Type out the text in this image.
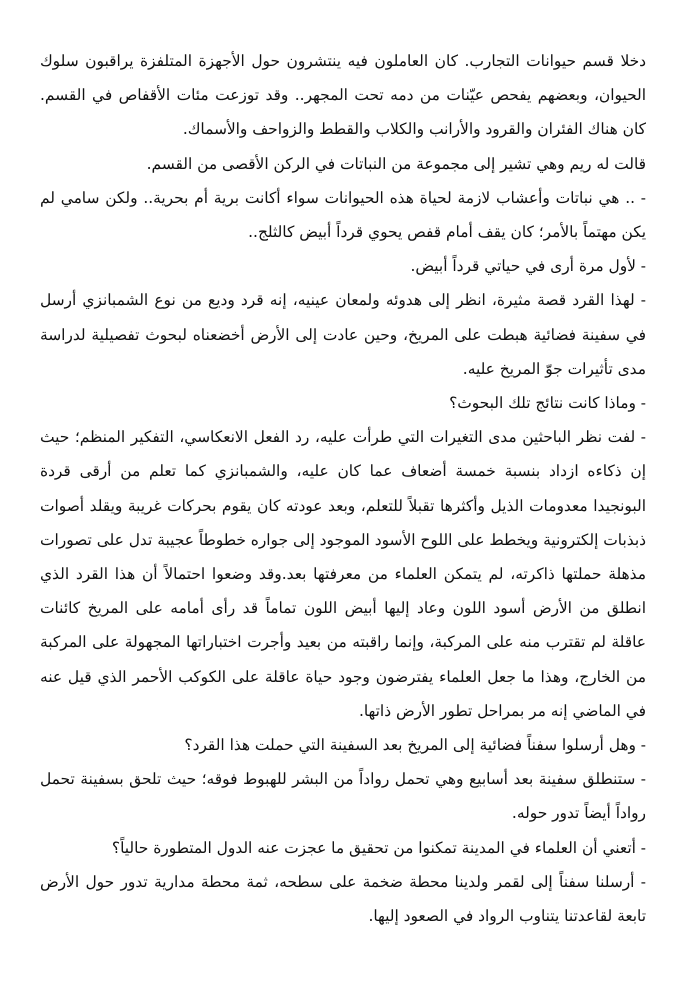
دخلا قسم حيوانات التجارب. كان العاملون فيه ينتشرون حول الأجهزة المتلفزة يراقبون سلوك الحيوان، وبعضهم يفحص عيّنات من دمه تحت المجهر.. وقد توزعت مئات الأقفاص في القسم. كان هناك الفئران والقرود والأرانب والكلاب والقطط والزواحف والأسماك.

قالت له ريم وهي تشير إلى مجموعة من النباتات في الركن الأقصى من القسم.

- .. هي نباتات وأعشاب لازمة لحياة هذه الحيوانات سواء أكانت برية أم بحرية.. ولكن سامي لم يكن مهتماً بالأمر؛ كان يقف أمام قفص يحوي قرداً أبيض كالثلج..

- لأول مرة أرى في حياتي قرداً أبيض.

- لهذا القرد قصة مثيرة، انظر إلى هدوئه ولمعان عينيه، إنه قرد وديع من نوع الشمبانزي أرسل في سفينة فضائية هبطت على المريخ، وحين عادت إلى الأرض أخضعناه لبحوث تفصيلية لدراسة مدى تأثيرات جوّ المريخ عليه.

- وماذا كانت نتائج تلك البحوث؟

- لفت نظر الباحثين مدى التغيرات التي طرأت عليه، رد الفعل الانعكاسي، التفكير المنظم؛ حيث إن ذكاءه ازداد بنسبة خمسة أضعاف عما كان عليه، والشمبانزي كما تعلم من أرقى قردة البونجيدا معدومات الذيل وأكثرها تقبلاً للتعلم، وبعد عودته كان يقوم بحركات غريبة ويقلد أصوات ذبذبات إلكترونية ويخطط على اللوح الأسود الموجود إلى جواره خطوطاً عجيبة تدل على تصورات مذهلة حملتها ذاكرته، لم يتمكن العلماء من معرفتها بعد.وقد وضعوا احتمالاً أن هذا القرد الذي انطلق من الأرض أسود اللون وعاد إليها أبيض اللون تماماً قد رأى أمامه على المريخ كائنات عاقلة لم تقترب منه على المركبة، وإنما راقبته من بعيد وأجرت اختباراتها المجهولة على المركبة من الخارج، وهذا ما جعل العلماء يفترضون وجود حياة عاقلة على الكوكب الأحمر الذي قيل عنه في الماضي إنه مر بمراحل تطور الأرض ذاتها.

- وهل أرسلوا سفناً فضائية إلى المريخ بعد السفينة التي حملت هذا القرد؟

- ستنطلق سفينة بعد أسابيع وهي تحمل رواداً من البشر للهبوط فوقه؛ حيث تلحق بسفينة تحمل رواداً أيضاً تدور حوله.

- أتعني أن العلماء في المدينة تمكنوا من تحقيق ما عجزت عنه الدول المتطورة حالياً؟

- أرسلنا سفناً إلى لقمر ولدينا محطة ضخمة على سطحه، ثمة محطة مدارية تدور حول الأرض تابعة لقاعدتنا يتناوب الرواد في الصعود إليها.
